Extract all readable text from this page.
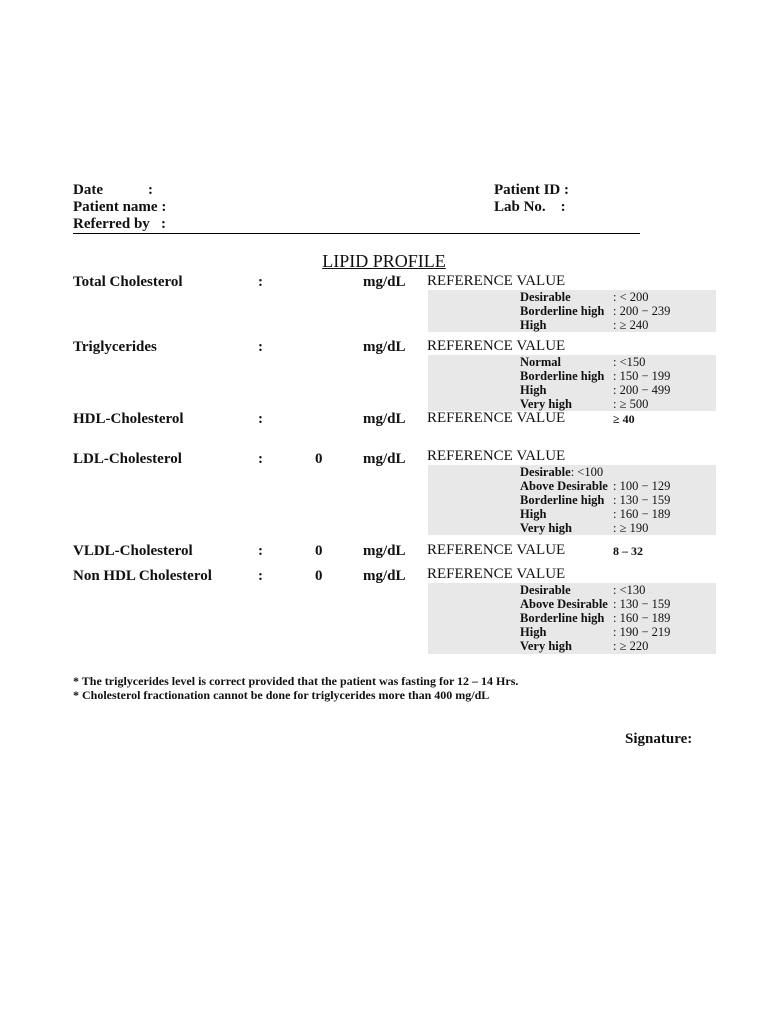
Date            :
Patient name :
Referred by   :
Patient ID :
Lab No.    :
LIPID PROFILE
Total Cholesterol	:	mg/dL REFERENCE VALUE
Desirable	: < 200
Borderline high : 200 − 239
High	: ≥ 240
Triglycerides	:	mg/dL REFERENCE VALUE
Normal	: <150
Borderline high : 150 − 199
High	: 200 − 499
Very high	: ≥ 500
HDL-Cholesterol	:	mg/dL REFERENCE VALUE	≥ 40
LDL-Cholesterol	:	0	mg/dL REFERENCE VALUE
Desirable: <100
Above Desirable : 100 − 129
Borderline high : 130 − 159
High	: 160 − 189
Very high	: ≥ 190
VLDL-Cholesterol	:	0	mg/dL REFERENCE VALUE	8 – 32
Non HDL Cholesterol	:	0	mg/dL REFERENCE VALUE
Desirable	: <130
Above Desirable : 130 − 159
Borderline high : 160 − 189
High	: 190 − 219
Very high	: ≥ 220
* The triglycerides level is correct provided that the patient was fasting for 12 – 14 Hrs.
* Cholesterol fractionation cannot be done for triglycerides more than 400 mg/dL
Signature:
